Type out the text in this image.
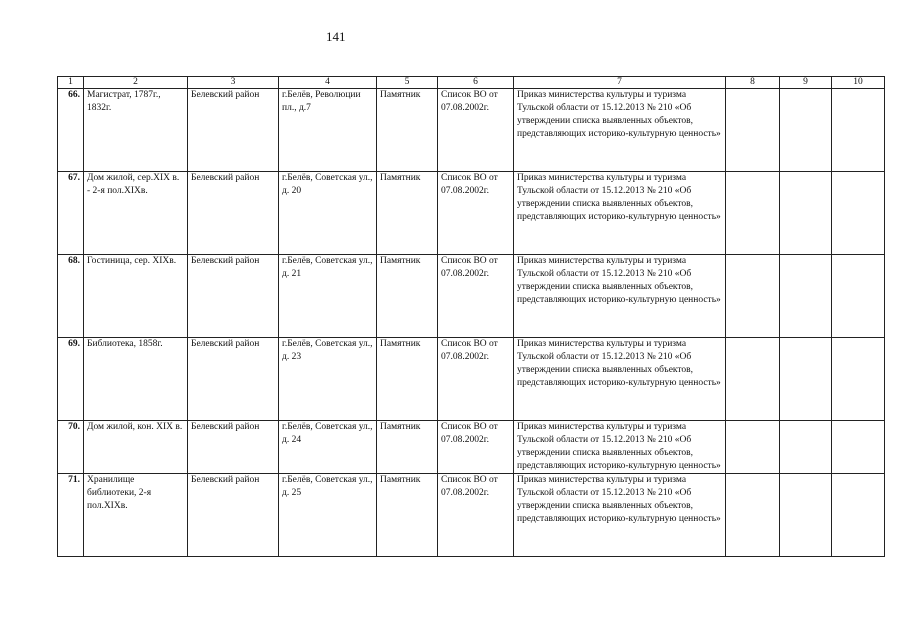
141
1	2	3	4	5	6	7	8	9	10
66.	Магистрат, 1787г., 1832г.	Белевский район	г.Белёв, Революции пл., д.7	Памятник	Список ВО от 07.08.2002г.	Приказ министерства культуры и туризма Тульской области от 15.12.2013 № 210 «Об утверждении списка выявленных объектов, представляющих историко-культурную ценность»			
67.	Дом жилой, сер.XIX в. - 2-я пол.XIXв.	Белевский район	г.Белёв, Советская ул., д. 20	Памятник	Список ВО от 07.08.2002г.	Приказ министерства культуры и туризма Тульской области от 15.12.2013 № 210 «Об утверждении списка выявленных объектов, представляющих историко-культурную ценность»			
68.	Гостиница, сер. XIXв.	Белевский район	г.Белёв, Советская ул., д. 21	Памятник	Список ВО от 07.08.2002г.	Приказ министерства культуры и туризма Тульской области от 15.12.2013 № 210 «Об утверждении списка выявленных объектов, представляющих историко-культурную ценность»			
69.	Библиотека, 1858г.	Белевский район	г.Белёв, Советская ул., д. 23	Памятник	Список ВО от 07.08.2002г.	Приказ министерства культуры и туризма Тульской области от 15.12.2013 № 210 «Об утверждении списка выявленных объектов, представляющих историко-культурную ценность»			
70.	Дом жилой, кон. XIX в.	Белевский район	г.Белёв, Советская ул., д. 24	Памятник	Список ВО от 07.08.2002г.	Приказ министерства культуры и туризма Тульской области от 15.12.2013 № 210 «Об утверждении списка выявленных объектов, представляющих историко-культурную ценность»			
71.	Хранилище библиотеки, 2-я пол.XIXв.	Белевский район	г.Белёв, Советская ул., д. 25	Памятник	Список ВО от 07.08.2002г.	Приказ министерства культуры и туризма Тульской области от 15.12.2013 № 210 «Об утверждении списка выявленных объектов, представляющих историко-культурную ценность»			
